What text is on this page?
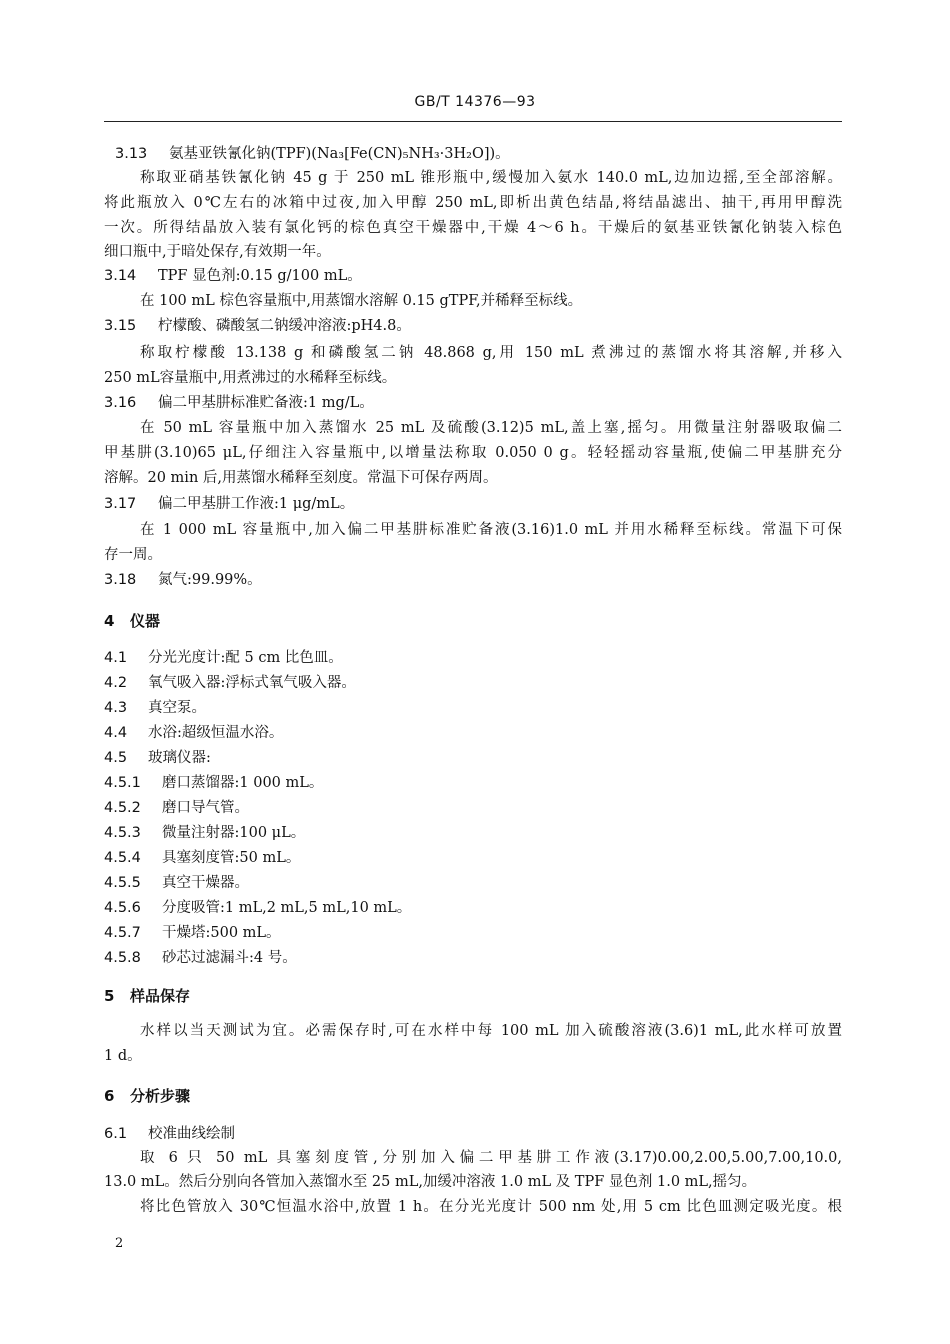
GB/T 14376—93
3.13 氨基亚铁氰化钠(TPF)(Na₃[Fe(CN)₅NH₃·3H₂O])。
称取亚硝基铁氰化钠 45 g 于 250 mL 锥形瓶中,缓慢加入氨水 140.0 mL,边加边摇,至全部溶解。
将此瓶放入 0℃左右的冰箱中过夜,加入甲醇 250 mL,即析出黄色结晶,将结晶滤出、抽干,再用甲醇洗
一次。所得结晶放入装有氯化钙的棕色真空干燥器中,干燥 4～6 h。干燥后的氨基亚铁氰化钠装入棕色
细口瓶中,于暗处保存,有效期一年。
3.14 TPF 显色剂:0.15 g/100 mL。
在 100 mL 棕色容量瓶中,用蒸馏水溶解 0.15 gTPF,并稀释至标线。
3.15 柠檬酸、磷酸氢二钠缓冲溶液:pH4.8。
称取柠檬酸 13.138 g 和磷酸氢二钠 48.868 g,用 150 mL 煮沸过的蒸馏水将其溶解,并移入
250 mL容量瓶中,用煮沸过的水稀释至标线。
3.16 偏二甲基肼标准贮备液:1 mg/L。
在 50 mL 容量瓶中加入蒸馏水 25 mL 及硫酸(3.12)5 mL,盖上塞,摇匀。用微量注射器吸取偏二
甲基肼(3.10)65 μL,仔细注入容量瓶中,以增量法称取 0.050 0 g。轻轻摇动容量瓶,使偏二甲基肼充分
溶解。20 min 后,用蒸馏水稀释至刻度。常温下可保存两周。
3.17 偏二甲基肼工作液:1 μg/mL。
在 1 000 mL 容量瓶中,加入偏二甲基肼标准贮备液(3.16)1.0 mL 并用水稀释至标线。常温下可保
存一周。
3.18 氮气:99.99%。
4 仪器
4.1 分光光度计:配 5 cm 比色皿。
4.2 氧气吸入器:浮标式氧气吸入器。
4.3 真空泵。
4.4 水浴:超级恒温水浴。
4.5 玻璃仪器:
4.5.1 磨口蒸馏器:1 000 mL。
4.5.2 磨口导气管。
4.5.3 微量注射器:100 μL。
4.5.4 具塞刻度管:50 mL。
4.5.5 真空干燥器。
4.5.6 分度吸管:1 mL,2 mL,5 mL,10 mL。
4.5.7 干燥塔:500 mL。
4.5.8 砂芯过滤漏斗:4 号。
5 样品保存
水样以当天测试为宜。必需保存时,可在水样中每 100 mL 加入硫酸溶液(3.6)1 mL,此水样可放置
1 d。
6 分析步骤
6.1 校准曲线绘制
取 6 只 50 mL 具塞刻度管,分别加入偏二甲基肼工作液(3.17)0.00,2.00,5.00,7.00,10.0,
13.0 mL。然后分别向各管加入蒸馏水至 25 mL,加缓冲溶液 1.0 mL 及 TPF 显色剂 1.0 mL,摇匀。
将比色管放入 30℃恒温水浴中,放置 1 h。在分光光度计 500 nm 处,用 5 cm 比色皿测定吸光度。根
2
